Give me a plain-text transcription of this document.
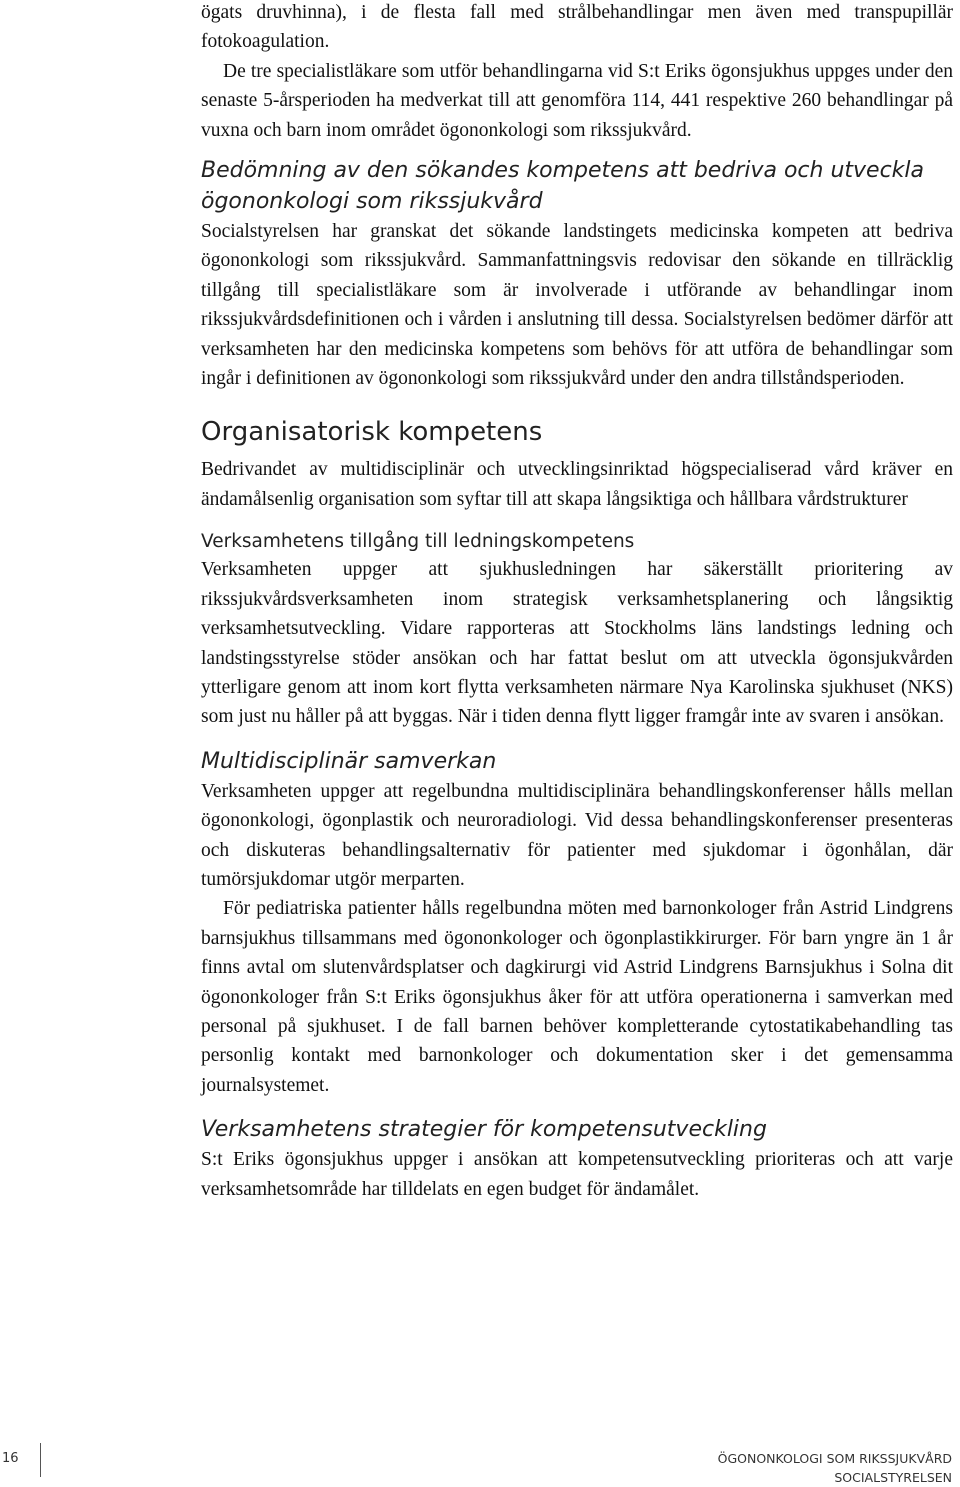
ögats druvhinna), i de flesta fall med strålbehandlingar men även med transpupillär fotokoagulation.

De tre specialistläkare som utför behandlingarna vid S:t Eriks ögonsjukhus uppges under den senaste 5-årsperioden ha medverkat till att genomföra 114, 441 respektive 260 behandlingar på vuxna och barn inom området ögononkologi som rikssjukvård.

Bedömning av den sökandes kompetens att bedriva och utveckla ögononkologi som rikssjukvård

Socialstyrelsen har granskat det sökande landstingets medicinska kompeten att bedriva ögononkologi som rikssjukvård. Sammanfattningsvis redovisar den sökande en tillräcklig tillgång till specialistläkare som är involverade i utförande av behandlingar inom rikssjukvårdsdefinitionen och i vården i anslutning till dessa. Socialstyrelsen bedömer därför att verksamheten har den medicinska kompetens som behövs för att utföra de behandlingar som ingår i definitionen av ögononkologi som rikssjukvård under den andra tillståndsperioden.

Organisatorisk kompetens

Bedrivandet av multidisciplinär och utvecklingsinriktad högspecialiserad vård kräver en ändamålsenlig organisation som syftar till att skapa långsiktiga och hållbara vårdstrukturer

Verksamhetens tillgång till ledningskompetens

Verksamheten uppger att sjukhusledningen har säkerställt prioritering av rikssjukvårdsverksamheten inom strategisk verksamhetsplanering och långsiktig verksamhetsutveckling. Vidare rapporteras att Stockholms läns landstings ledning och landstingsstyrelse stöder ansökan och har fattat beslut om att utveckla ögonsjukvården ytterligare genom att inom kort flytta verksamheten närmare Nya Karolinska sjukhuset (NKS) som just nu håller på att byggas. När i tiden denna flytt ligger framgår inte av svaren i ansökan.

Multidisciplinär samverkan

Verksamheten uppger att regelbundna multidisciplinära behandlingskonferenser hålls mellan ögononkologi, ögonplastik och neuroradiologi. Vid dessa behandlingskonferenser presenteras och diskuteras behandlingsalternativ för patienter med sjukdomar i ögonhålan, där tumörsjukdomar utgör merparten.

För pediatriska patienter hålls regelbundna möten med barnonkologer från Astrid Lindgrens barnsjukhus tillsammans med ögononkologer och ögonplastikkirurger. För barn yngre än 1 år finns avtal om slutenvårdsplatser och dagkirurgi vid Astrid Lindgrens Barnsjukhus i Solna dit ögononkologer från S:t Eriks ögonsjukhus åker för att utföra operationerna i samverkan med personal på sjukhuset. I de fall barnen behöver kompletterande cytostatikabehandling tas personlig kontakt med barnonkologer och dokumentation sker i det gemensamma journalsystemet.

Verksamhetens strategier för kompetensutveckling

S:t Eriks ögonsjukhus uppger i ansökan att kompetensutveckling prioriteras och att varje verksamhetsområde har tilldelats en egen budget för ändamålet.

16	ÖGONONKOLOGI SOM RIKSSJUKVÅRD
SOCIALSTYRELSEN
